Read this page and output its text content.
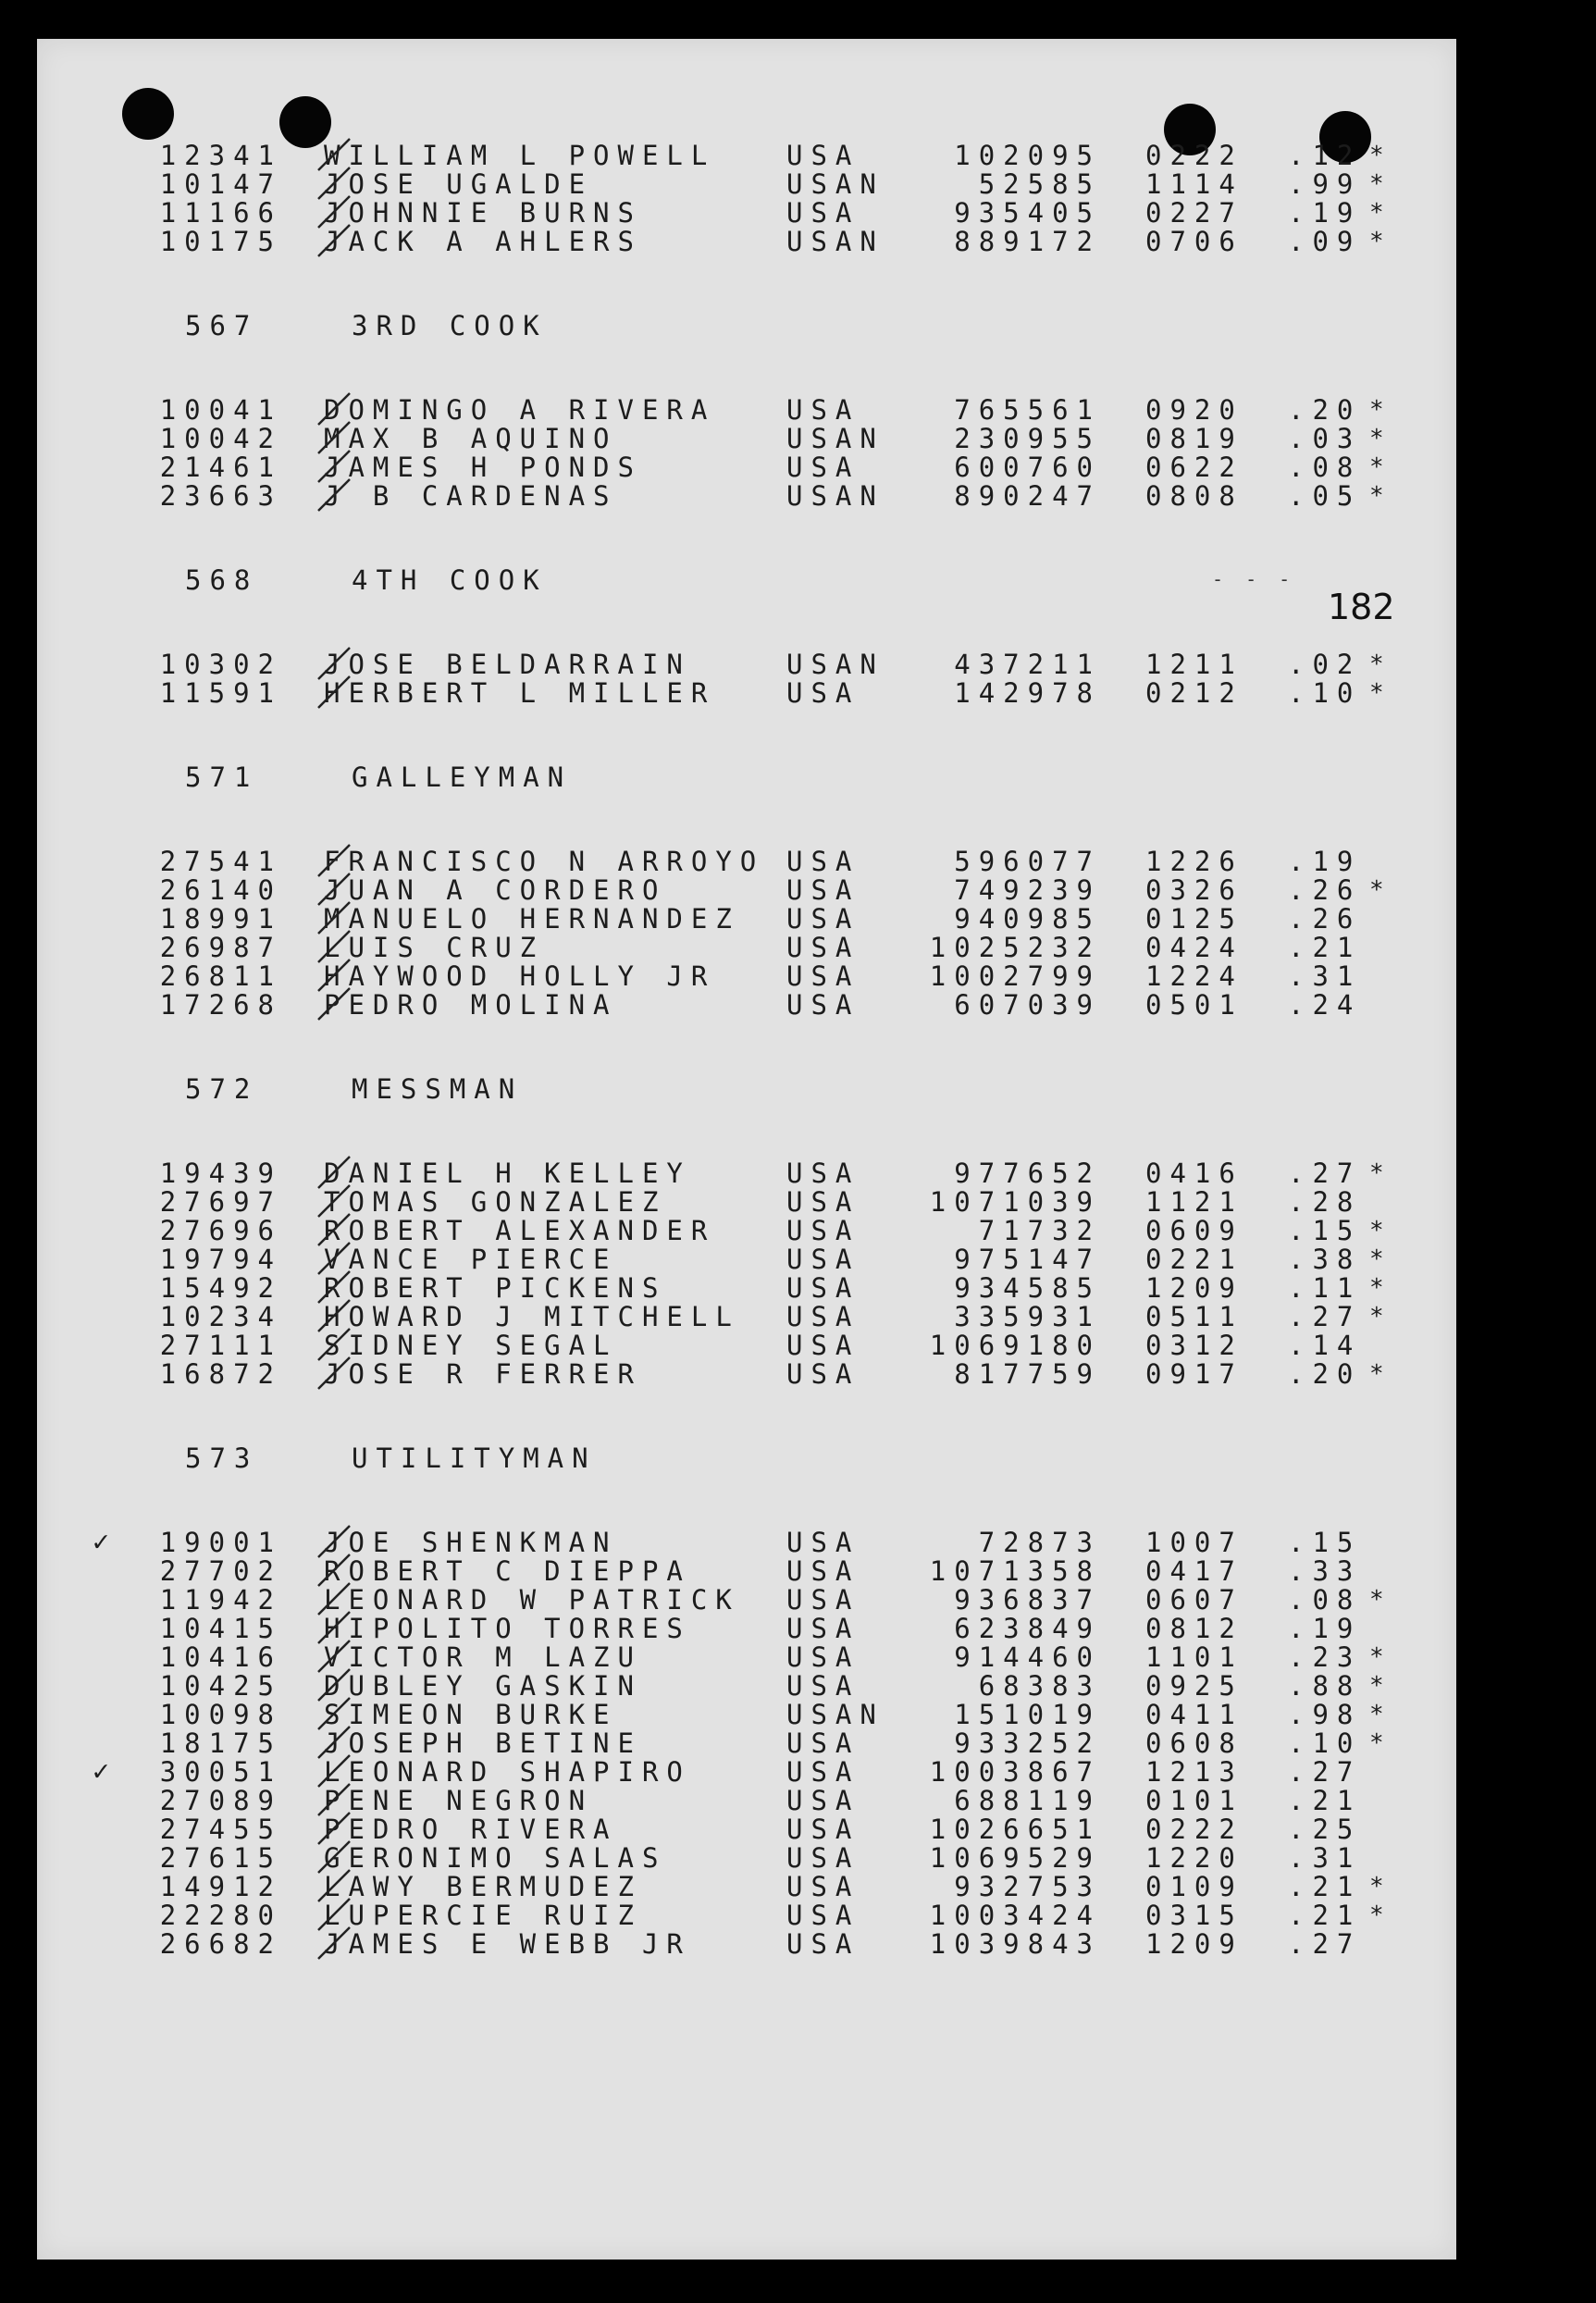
- - -
182
12341 WILLIAM L POWELL	USA	102095 0222 .12 *
10147 JOSE UGALDE	USAN	52585 1114 .99 *
11166 JOHNNIE BURNS	USA	935405 0227 .19 *
10175 JACK A AHLERS	USAN	889172 0706 .09 *
567	3RD COOK
10041 DOMINGO A RIVERA	USA	765561 0920 .20 *
10042 MAX B AQUINO	USAN	230955 0819 .03 *
21461 JAMES H PONDS	USA	600760 0622 .08 *
23663 J B CARDENAS	USAN	890247 0808 .05 *
568	4TH COOK
10302 JOSE BELDARRAIN	USAN	437211 1211 .02 *
11591 HERBERT L MILLER	USA	142978 0212 .10 *
571	GALLEYMAN
27541 FRANCISCO N ARROYO USA	596077 1226 .19
26140 JUAN A CORDERO	USA	749239 0326 .26 *
18991 MANUELO HERNANDEZ USA	940985 0125 .26
26987 LUIS CRUZ	USA	1025232 0424 .21
26811 HAYWOOD HOLLY JR	USA	1002799 1224 .31
17268 PEDRO MOLINA	USA	607039 0501 .24
572	MESSMAN
19439 DANIEL H KELLEY	USA	977652 0416 .27 *
27697 TOMAS GONZALEZ	USA	1071039 1121 .28
27696 ROBERT ALEXANDER	USA	71732 0609 .15 *
19794 VANCE PIERCE	USA	975147 0221 .38 *
15492 ROBERT PICKENS	USA	934585 1209 .11 *
10234 HOWARD J MITCHELL USA	335931 0511 .27 *
27111 SIDNEY SEGAL	USA	1069180 0312 .14
16872 JOSE R FERRER	USA	817759 0917 .20 *
573	UTILITYMAN
✓	19001 JOE SHENKMAN	USA	72873 1007 .15
27702 ROBERT C DIEPPA	USA	1071358 0417 .33
11942 LEONARD W PATRICK USA	936837 0607 .08 *
10415 HIPOLITO TORRES	USA	623849 0812 .19
10416 VICTOR M LAZU	USA	914460 1101 .23 *
10425 DUBLEY GASKIN	USA	68383 0925 .88 *
10098 SIMEON BURKE	USAN	151019 0411 .98 *
18175 JOSEPH BETINE	USA	933252 0608 .10 *
✓	30051 LEONARD SHAPIRO	USA	1003867 1213 .27
27089 PENE NEGRON	USA	688119 0101 .21
27455 PEDRO RIVERA	USA	1026651 0222 .25
27615 GERONIMO SALAS	USA	1069529 1220 .31
14912 LAWY BERMUDEZ	USA	932753 0109 .21 *
22280 LUPERCIE RUIZ	USA	1003424 0315 .21 *
26682 JAMES E WEBB JR	USA	1039843 1209 .27
